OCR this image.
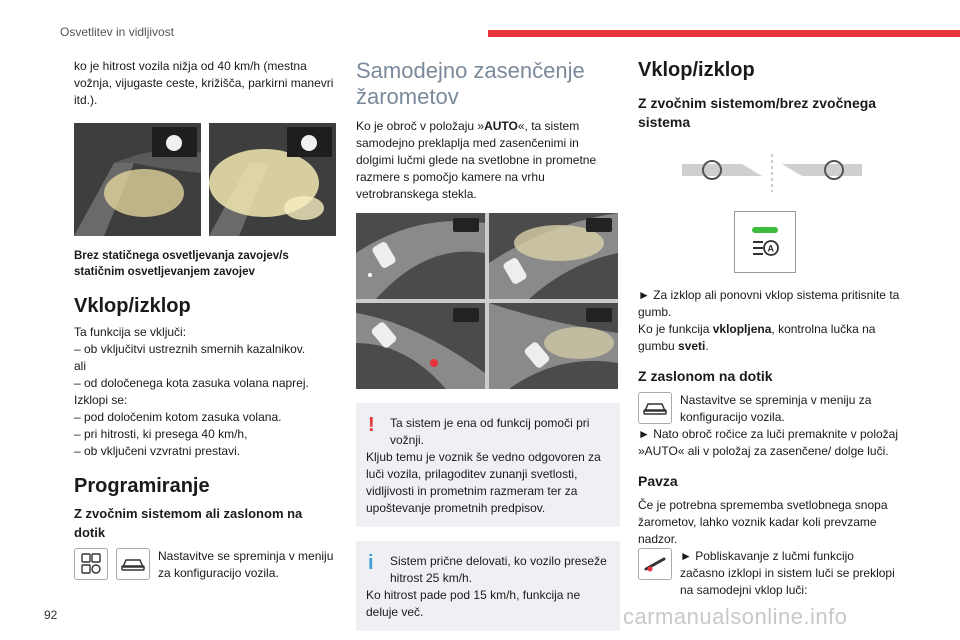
Osvetlitev in vidljivost

ko je hitrost vozila nižja od 40 km/h (mestna vožnja, vijugaste ceste, križišča, parkirni manevri itd.).

Brez statičnega osvetljevanja zavojev/s statičnim osvetljevanjem zavojev
Vklop/izklop

Ta funkcija se vključi:

– ob vključitvi ustreznih smernih kazalnikov.

ali

– od določenega kota zasuka volana naprej.

Izklopi se:

– pod določenim kotom zasuka volana.

– pri hitrosti, ki presega 40 km/h,

– ob vključeni vzvratni prestavi.

Programiranje
Z zvočnim sistemom ali zaslonom na dotik

Nastavitve se spreminja v meniju za konfiguracijo vozila.

Samodejno zasenčenje žarometov

Ko je obroč v položaju »AUTO«, ta sistem samodejno preklaplja med zasenčenimi in dolgimi lučmi glede na svetlobne in prometne razmere s pomočjo kamere na vrhu vetrobranskega stekla.

!	Ta sistem je ena od funkcij pomoči pri vožnji.

Kljub temu je voznik še vedno odgovoren za luči vozila, prilagoditev zunanji svetlosti, vidljivosti in prometnim razmeram ter za upoštevanje prometnih predpisov.

i	Sistem prične delovati, ko vozilo preseže hitrost 25 km/h.

Ko hitrost pade pod 15 km/h, funkcija ne deluje več.

Vklop/izklop
Z zvočnim sistemom/brez zvočnega sistema
A

► Za izklop ali ponovni vklop sistema pritisnite ta gumb.

Ko je funkcija vklopljena, kontrolna lučka na gumbu sveti.

Z zaslonom na dotik

Nastavitve se spreminja v meniju za konfiguracijo vozila.

► Nato obroč ročice za luči premaknite v položaj »AUTO« ali v položaj za zasenčene/ dolge luči.

Pavza

Če je potrebna sprememba svetlobnega snopa žarometov, lahko voznik kadar koli prevzame nadzor.

► Pobliskavanje z lučmi funkcijo začasno izklopi in sistem luči se preklopi na samodejni vklop luči:

92	carmanualsonline.info
